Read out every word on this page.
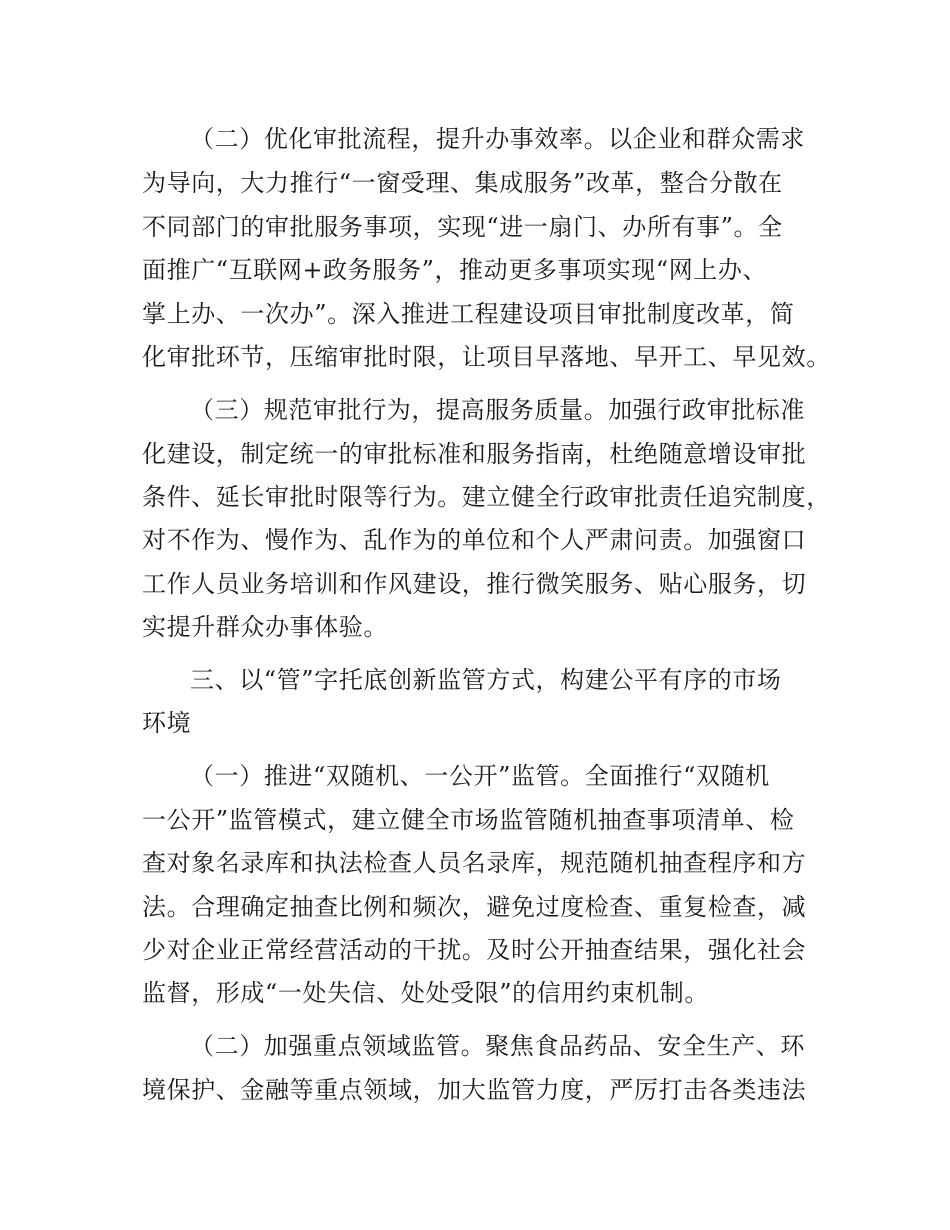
（二）优化审批流程，提升办事效率。以企业和群众需求
为导向，大力推行“一窗受理、集成服务”改革，整合分散在
不同部门的审批服务事项，实现“进一扇门、办所有事”。全
面推广“互联网+政务服务”，推动更多事项实现“网上办、
掌上办、一次办”。深入推进工程建设项目审批制度改革，简
化审批环节，压缩审批时限，让项目早落地、早开工、早见效。
（三）规范审批行为，提高服务质量。加强行政审批标准
化建设，制定统一的审批标准和服务指南，杜绝随意增设审批
条件、延长审批时限等行为。建立健全行政审批责任追究制度，
对不作为、慢作为、乱作为的单位和个人严肃问责。加强窗口
工作人员业务培训和作风建设，推行微笑服务、贴心服务，切
实提升群众办事体验。
三、以“管”字托底创新监管方式，构建公平有序的市场
环境
（一）推进“双随机、一公开”监管。全面推行“双随机
一公开”监管模式，建立健全市场监管随机抽查事项清单、检
查对象名录库和执法检查人员名录库，规范随机抽查程序和方
法。合理确定抽查比例和频次，避免过度检查、重复检查，减
少对企业正常经营活动的干扰。及时公开抽查结果，强化社会
监督，形成“一处失信、处处受限”的信用约束机制。
（二）加强重点领域监管。聚焦食品药品、安全生产、环
境保护、金融等重点领域，加大监管力度，严厉打击各类违法
